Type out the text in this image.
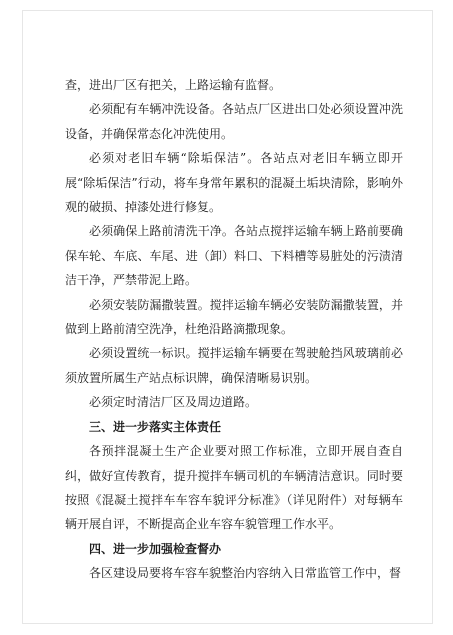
查，进出厂区有把关，上路运输有监督。

必须配有车辆冲洗设备。各站点厂区进出口处必须设置冲洗设备，并确保常态化冲洗使用。

必须对老旧车辆“除垢保洁”。各站点对老旧车辆立即开展“除垢保洁”行动，将车身常年累积的混凝土垢块清除，影响外观的破损、掉漆处进行修复。

必须确保上路前清洗干净。各站点搅拌运输车辆上路前要确保车轮、车底、车尾、进（卸）料口、下料槽等易脏处的污渍清洁干净，严禁带泥上路。

必须安装防漏撒装置。搅拌运输车辆必安装防漏撒装置，并做到上路前清空洗净，杜绝沿路滴撒现象。

必须设置统一标识。搅拌运输车辆要在驾驶舱挡风玻璃前必须放置所属生产站点标识牌，确保清晰易识别。

必须定时清洁厂区及周边道路。

三、进一步落实主体责任

各预拌混凝土生产企业要对照工作标准，立即开展自查自纠，做好宣传教育，提升搅拌车辆司机的车辆清洁意识。同时要按照《混凝土搅拌车车容车貌评分标准》（详见附件）对每辆车辆开展自评，不断提高企业车容车貌管理工作水平。

四、进一步加强检查督办

各区建设局要将车容车貌整治内容纳入日常监管工作中，督
